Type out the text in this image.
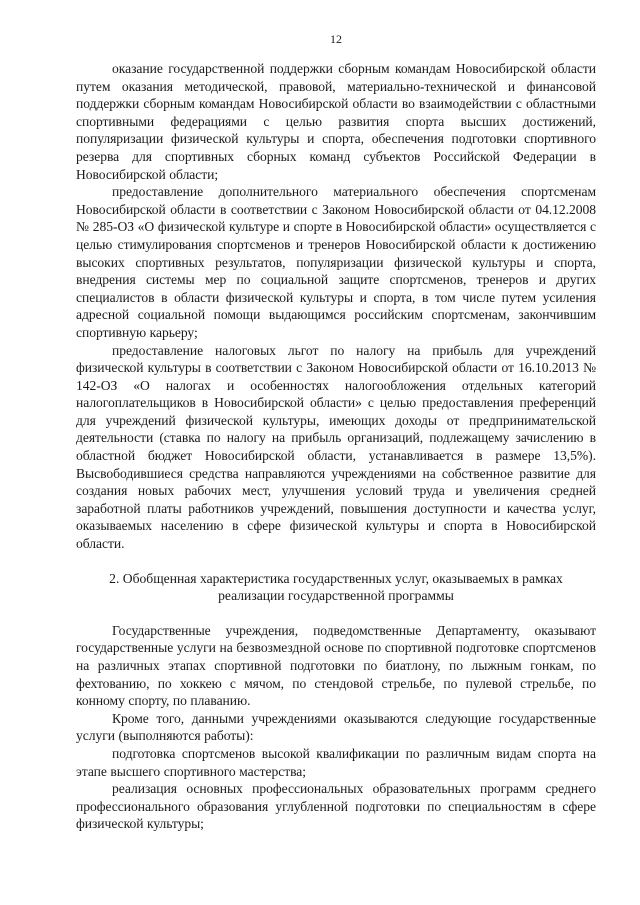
12

оказание государственной поддержки сборным командам Новосибирской области путем оказания методической, правовой, материально-технической и финансовой поддержки сборным командам Новосибирской области во взаимодействии с областными спортивными федерациями с целью развития спорта высших достижений, популяризации физической культуры и спорта, обеспечения подготовки спортивного резерва для спортивных сборных команд субъектов Российской Федерации в Новосибирской области;

предоставление дополнительного материального обеспечения спортсменам Новосибирской области в соответствии с Законом Новосибирской области от 04.12.2008 № 285-ОЗ «О физической культуре и спорте в Новосибирской области» осуществляется с целью стимулирования спортсменов и тренеров Новосибирской области к достижению высоких спортивных результатов, популяризации физической культуры и спорта, внедрения системы мер по социальной защите спортсменов, тренеров и других специалистов в области физической культуры и спорта, в том числе путем усиления адресной социальной помощи выдающимся российским спортсменам, закончившим спортивную карьеру;

предоставление налоговых льгот по налогу на прибыль для учреждений физической культуры в соответствии с Законом Новосибирской области от 16.10.2013 № 142-ОЗ «О налогах и особенностях налогообложения отдельных категорий налогоплательщиков в Новосибирской области» с целью предоставления преференций для учреждений физической культуры, имеющих доходы от предпринимательской деятельности (ставка по налогу на прибыль организаций, подлежащему зачислению в областной бюджет Новосибирской области, устанавливается в размере 13,5%). Высвободившиеся средства направляются учреждениями на собственное развитие для создания новых рабочих мест, улучшения условий труда и увеличения средней заработной платы работников учреждений, повышения доступности и качества услуг, оказываемых населению в сфере физической культуры и спорта в Новосибирской области.

2. Обобщенная характеристика государственных услуг, оказываемых в рамках
реализации государственной программы

Государственные учреждения, подведомственные Департаменту, оказывают государственные услуги на безвозмездной основе по спортивной подготовке спортсменов на различных этапах спортивной подготовки по биатлону, по лыжным гонкам, по фехтованию, по хоккею с мячом, по стендовой стрельбе, по пулевой стрельбе, по конному спорту, по плаванию.

Кроме того, данными учреждениями оказываются следующие государственные услуги (выполняются работы):

подготовка спортсменов высокой квалификации по различным видам спорта на этапе высшего спортивного мастерства;

реализация основных профессиональных образовательных программ среднего профессионального образования углубленной подготовки по специальностям в сфере физической культуры;
